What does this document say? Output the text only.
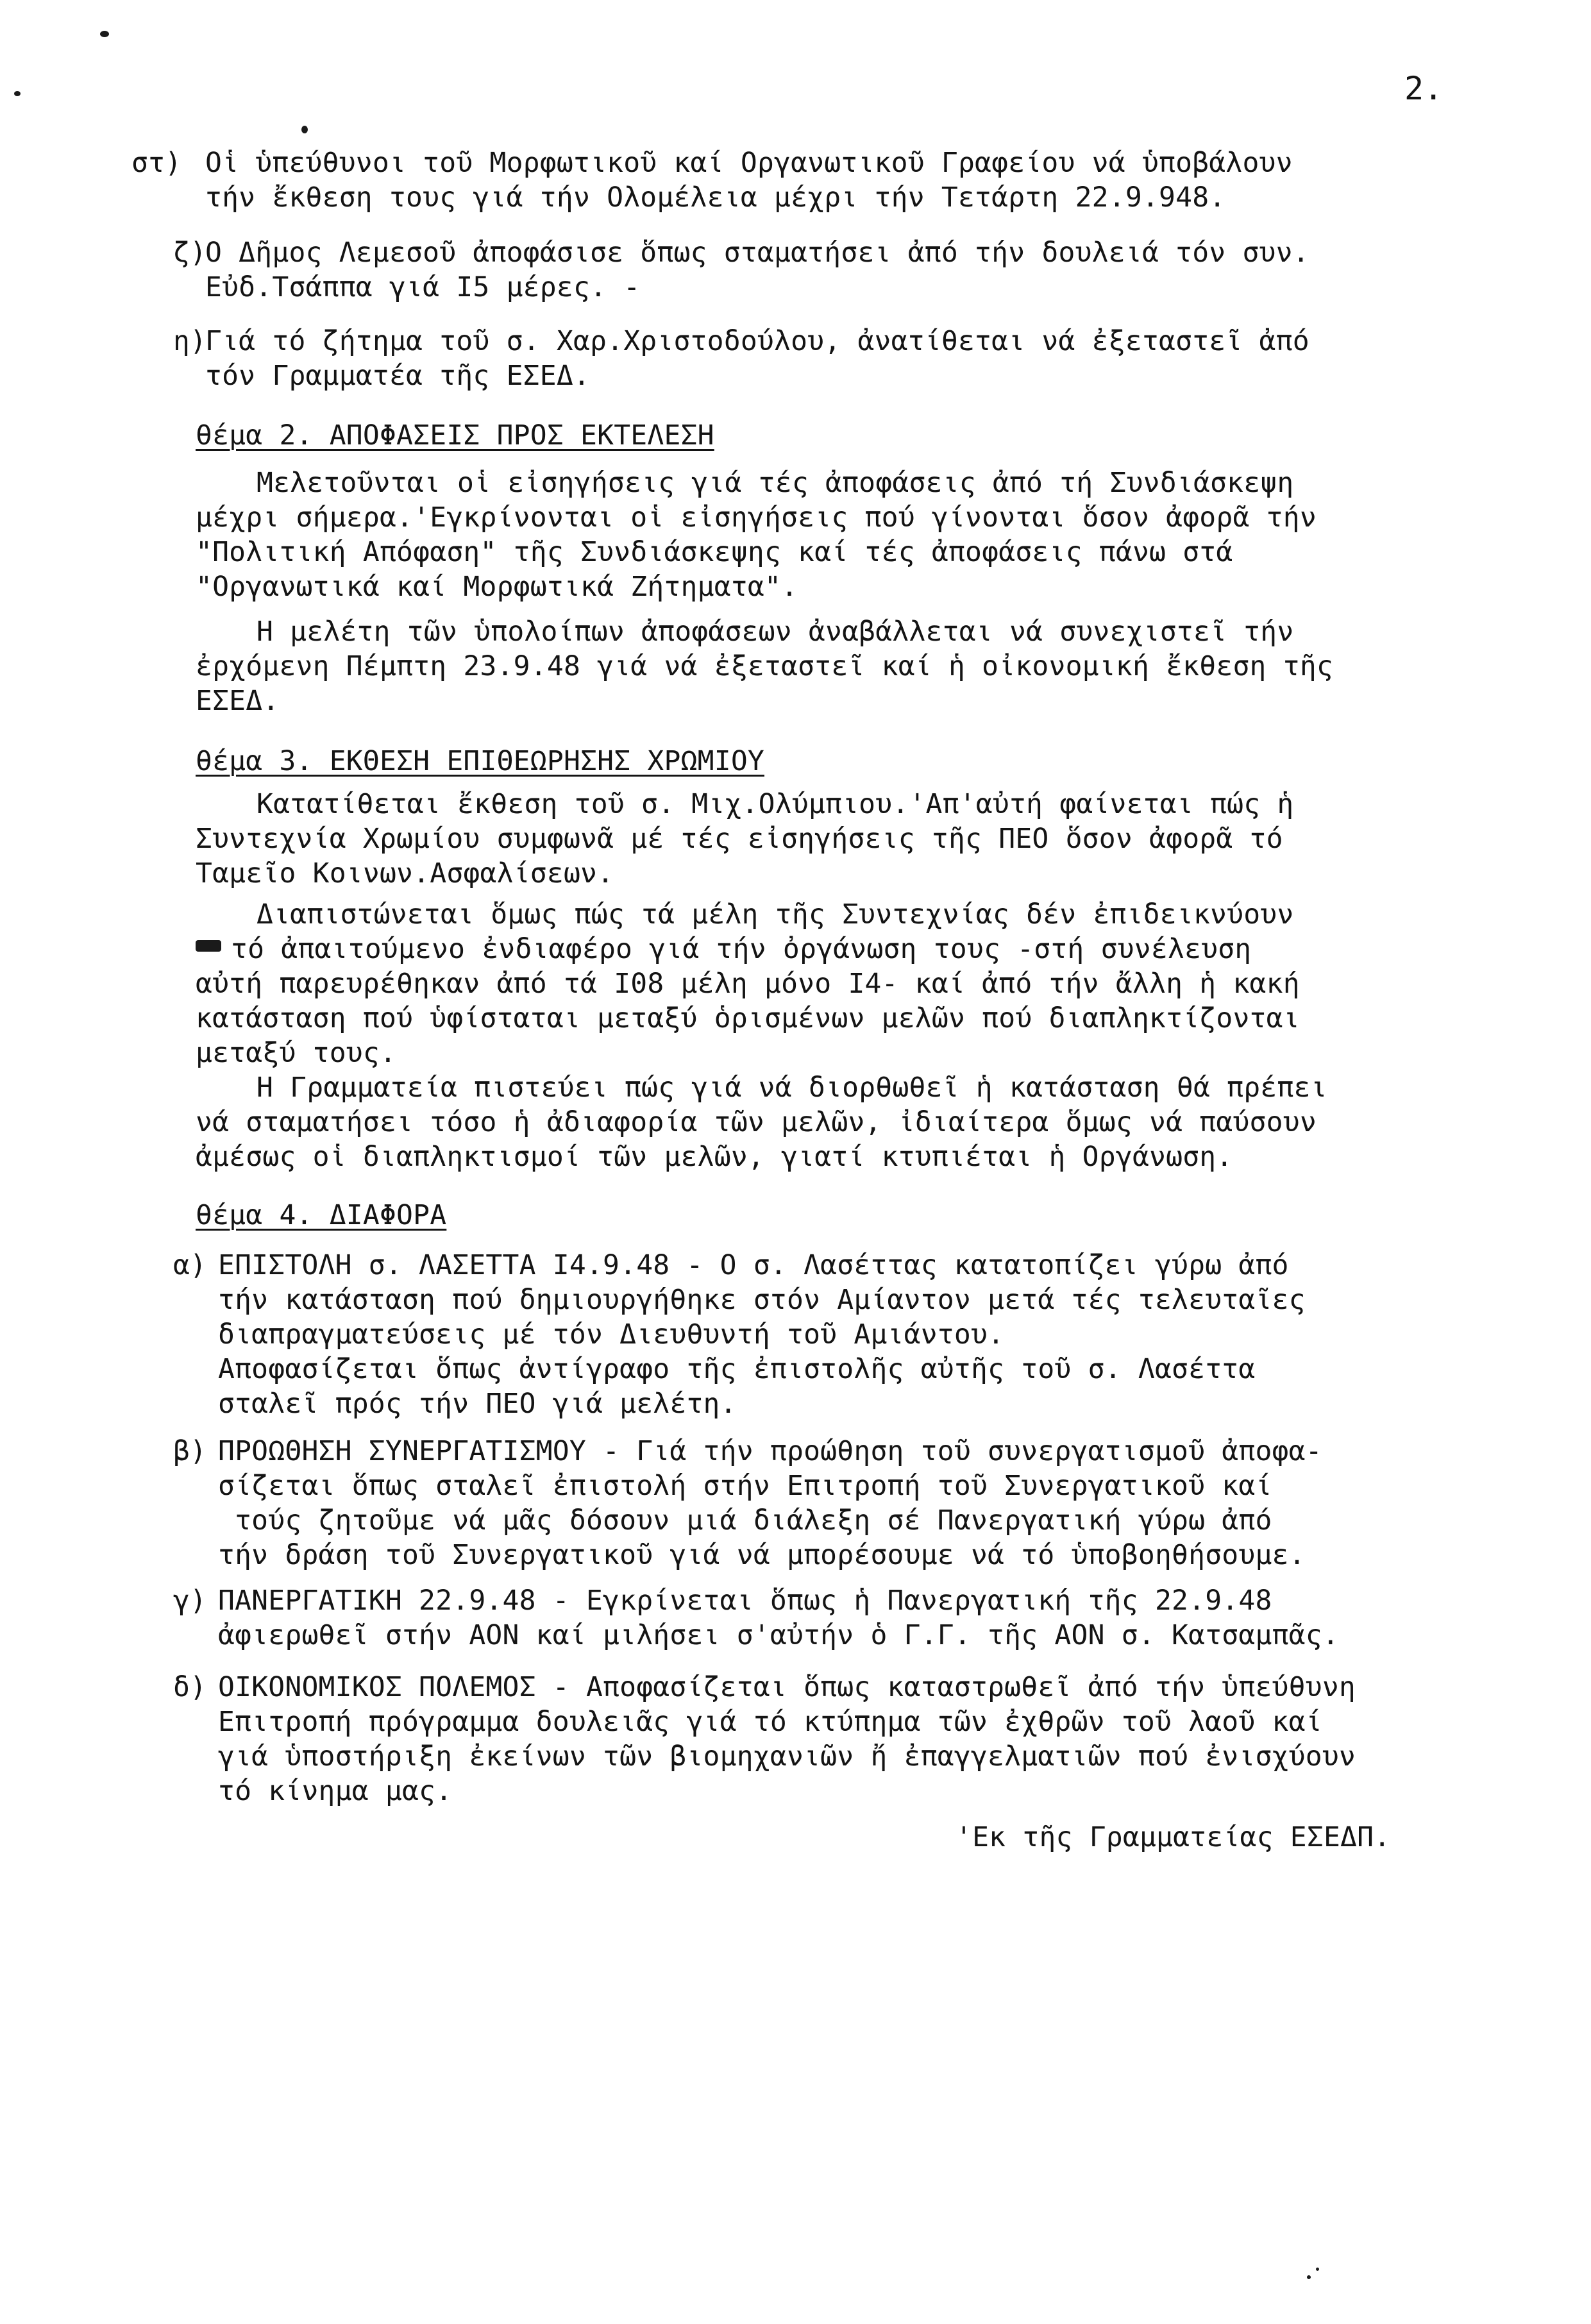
2.
στ) Οἱ ὑπεύθυνοι τοῦ Μορφωτικοῦ καί Οργανωτικοῦ Γραφείου νά ὑποβάλουν
τήν ἔκθεση τους γιά τήν Ολομέλεια μέχρι τήν Τετάρτη 22.9.948.
ζ)
Ο Δῆμος Λεμεσοῦ ἀποφάσισε ὅπως σταματήσει ἀπό τήν δουλειά τόν συν.
Εὐδ.Τσάππα γιά Ι5 μέρες. -
η)
Γιά τό ζήτημα τοῦ σ. Χαρ.Χριστοδούλου, ἀνατίθεται νά ἐξεταστεῖ ἀπό
τόν Γραμματέα τῆς ΕΣΕΔ.
θέμα 2. ΑΠΟΦΑΣΕΙΣ ΠΡΟΣ ΕΚΤΕΛΕΣΗ
Μελετοῦνται οἱ εἰσηγήσεις γιά τές ἀποφάσεις ἀπό τή Συνδιάσκεψη
μέχρι σήμερα.'Εγκρίνονται οἱ εἰσηγήσεις πού γίνονται ὅσον ἀφορᾶ τήν
"Πολιτική Απόφαση" τῆς Συνδιάσκεψης καί τές ἀποφάσεις πάνω στά
"Οργανωτικά καί Μορφωτικά Ζήτηματα".
Η μελέτη τῶν ὑπολοίπων ἀποφάσεων ἀναβάλλεται νά συνεχιστεῖ τήν
ἐρχόμενη Πέμπτη 23.9.48 γιά νά ἐξεταστεῖ καί ἡ οἰκονομική ἔκθεση τῆς
ΕΣΕΔ.
θέμα 3. ΕΚΘΕΣΗ ΕΠΙΘΕΩΡΗΣΗΣ ΧΡΩΜΙΟΥ
Κατατίθεται ἔκθεση τοῦ σ. Μιχ.Ολύμπιου.'Απ'αὐτή φαίνεται πώς ἡ
Συντεχνία Χρωμίου συμφωνᾶ μέ τές εἰσηγήσεις τῆς ΠΕΟ ὅσον ἀφορᾶ τό
Ταμεῖο Κοινων.Ασφαλίσεων.
Διαπιστώνεται ὅμως πώς τά μέλη τῆς Συντεχνίας δέν ἐπιδεικνύουν
τό ἀπαιτούμενο ἐνδιαφέρο γιά τήν ὀργάνωση τους -στή συνέλευση
αὐτή παρευρέθηκαν ἀπό τά Ι08 μέλη μόνο Ι4- καί ἀπό τήν ἄλλη ἡ κακή
κατάσταση πού ὑφίσταται μεταξύ ὁρισμένων μελῶν πού διαπληκτίζονται
μεταξύ τους.
Η Γραμματεία πιστεύει πώς γιά νά διορθωθεῖ ἡ κατάσταση θά πρέπει
νά σταματήσει τόσο ἡ ἀδιαφορία τῶν μελῶν, ἰδιαίτερα ὅμως νά παύσουν
ἀμέσως οἱ διαπληκτισμοί τῶν μελῶν, γιατί κτυπιέται ἡ Οργάνωση.
θέμα 4. ΔΙΑΦΟΡΑ
α) ΕΠΙΣΤΟΛΗ σ. ΛΑΣΕΤΤΑ Ι4.9.48 - Ο σ. Λασέττας κατατοπίζει γύρω ἀπό
τήν κατάσταση πού δημιουργήθηκε στόν Αμίαντον μετά τές τελευταῖες
διαπραγματεύσεις μέ τόν Διευθυντή τοῦ Αμιάντου.
Αποφασίζεται ὅπως ἀντίγραφο τῆς ἐπιστολῆς αὐτῆς τοῦ σ. Λασέττα
σταλεῖ πρός τήν ΠΕΟ γιά μελέτη.
β) ΠΡΟΩΘΗΣΗ ΣΥΝΕΡΓΑΤΙΣΜΟΥ - Γιά τήν προώθηση τοῦ συνεργατισμοῦ ἀποφα-
σίζεται ὅπως σταλεῖ ἐπιστολή στήν Επιτροπή τοῦ Συνεργατικοῦ καί
τούς ζητοῦμε νά μᾶς δόσουν μιά διάλεξη σέ Πανεργατική γύρω ἀπό
τήν δράση τοῦ Συνεργατικοῦ γιά νά μπορέσουμε νά τό ὑποβοηθήσουμε.
γ) ΠΑΝΕΡΓΑΤΙΚΗ 22.9.48 - Εγκρίνεται ὅπως ἡ Πανεργατική τῆς 22.9.48
ἀφιερωθεῖ στήν ΑΟΝ καί μιλήσει σ'αὐτήν ὁ Γ.Γ. τῆς ΑΟΝ σ. Κατσαμπᾶς.
δ) ΟΙΚΟΝΟΜΙΚΟΣ ΠΟΛΕΜΟΣ - Αποφασίζεται ὅπως καταστρωθεῖ ἀπό τήν ὑπεύθυνη
Επιτροπή πρόγραμμα δουλειᾶς γιά τό κτύπημα τῶν ἐχθρῶν τοῦ λαοῦ καί
γιά ὑποστήριξη ἐκείνων τῶν βιομηχανιῶν ἤ ἐπαγγελματιῶν πού ἐνισχύουν
τό κίνημα μας.
'Εκ τῆς Γραμματείας ΕΣΕΔΠ.
